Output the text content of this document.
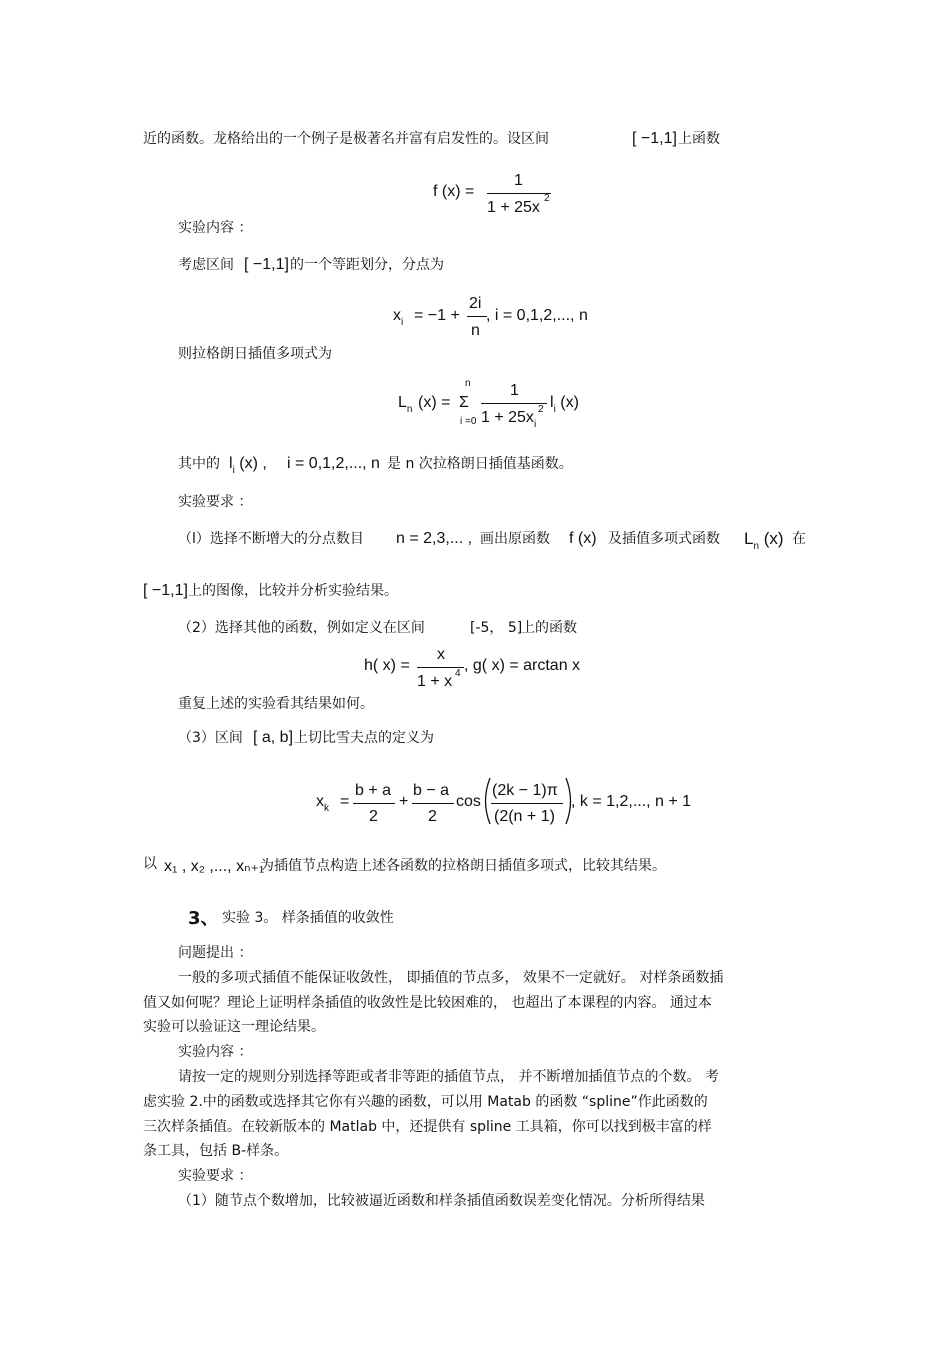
近的函数。龙格给出的一个例子是极著名并富有启发性的。设区间	[ −1,1] 上函数
f (x) =
1
1 + 25x
2
实验内容 ：
考虑区间 [ −1,1] 的一个等距划分，分点为
$x_i = -1$ +
2i
n
, i = 0,1,2,..., n
则拉格朗日插值多项式为
$L_n$ (x) =
n
Σ
i =0
1
$1 + 25x_i$
2 $l_i$ (x)
其中的 $l_i$ (x) , i = 0,1,2,..., n 是 n 次拉格朗日插值基函数。
实验要求 ：
（l）选择不断增大的分点数目 n = 2,3,... , 画出原函数 f (x) 及插值多项式函数 $L_n$ (x) 在
[ −1,1] 上的图像，比较并分析实验结果。
（2）选择其他的函数，例如定义在区间	[-5， 5]
上的函数
h( x) =
x
1 + x 4 , g( x) = arctan x
重复上述的实验看其结果如何。
（3）区间 [ a, b] 上切比雪夫点的定义为
$x_k$ =
b + a
2
+
b − a
2
cos
(2k − 1)π
(2(n + 1)
, k = 1,2,..., n + 1
以 x₁ , x₂ ,..., xₙ₊₁
为插值节点构造上述各函数的拉格朗日插值多项式，比较其结果。
3、 实验 3。 样条插值的收敛性
问题提出 ：
一般的多项式插值不能保证收敛性， 即插值的节点多， 效果不一定就好。 对样条函数插
值又如何呢？理论上证明样条插值的收敛性是比较困难的， 也超出了本课程的内容。 通过本
实验可以验证这一理论结果。
实验内容 ：
请按一定的规则分别选择等距或者非等距的插值节点， 并不断增加插值节点的个数。 考
虑实验 2.中的函数或选择其它你有兴趣的函数，可以用 Matab 的函数 “spline”作此函数的
三次样条插值。在较新版本的 Matlab 中，还提供有 spline 工具箱，你可以找到极丰富的样
条工具，包括 B-样条。
实验要求 ：
（1）随节点个数增加，比较被逼近函数和样条插值函数误差变化情况。分析所得结果
